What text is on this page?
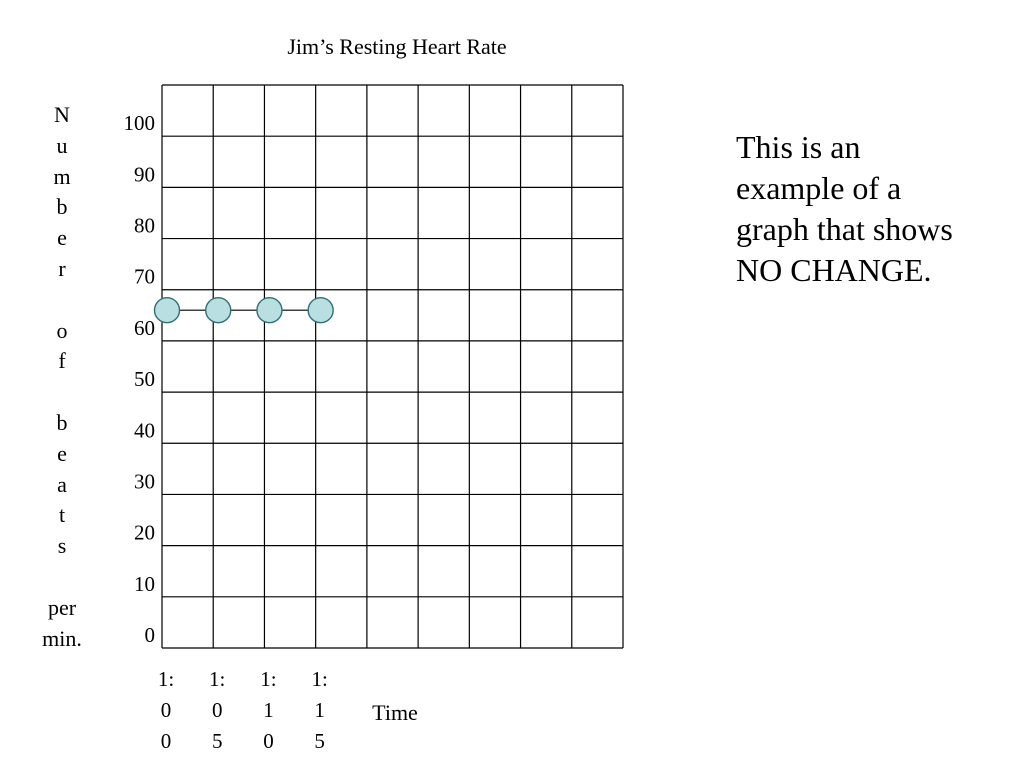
Jim’s Resting Heart Rate
N
u
m
b
e
r
o
f
b
e
a
t
s
per
min.	0
10
20
30
40
50
60
70
80
90
100
1: 0 0
1: 0 5
1: 1 0
1: 1 5
Time
This is an example of a graph that shows NO CHANGE.
